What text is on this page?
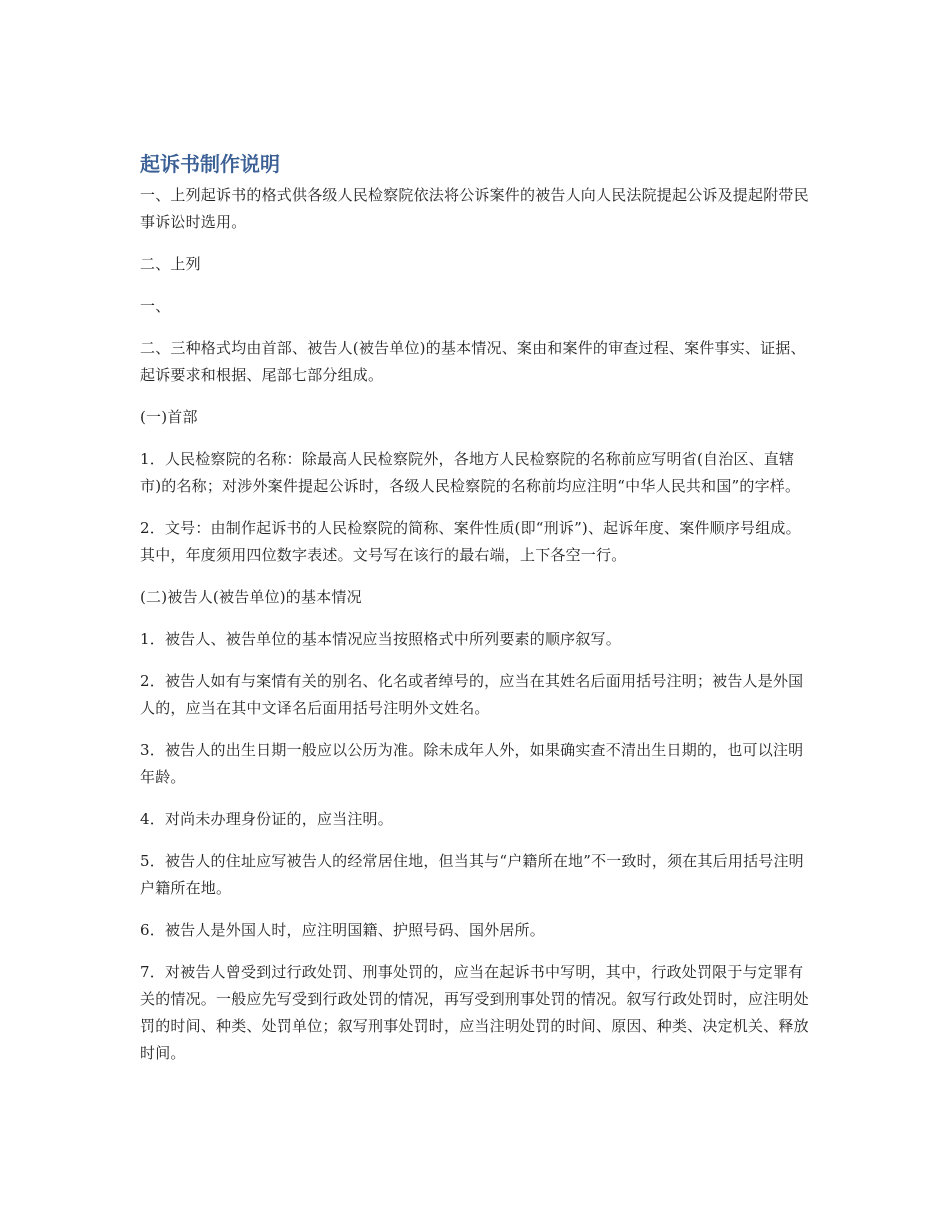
起诉书制作说明

一、上列起诉书的格式供各级人民检察院依法将公诉案件的被告人向人民法院提起公诉及提起附带民事诉讼时选用。

二、上列

一、

二、三种格式均由首部、被告人(被告单位)的基本情况、案由和案件的审查过程、案件事实、证据、起诉要求和根据、尾部七部分组成。

(一)首部

1．人民检察院的名称：除最高人民检察院外，各地方人民检察院的名称前应写明省(自治区、直辖市)的名称；对涉外案件提起公诉时，各级人民检察院的名称前均应注明“中华人民共和国”的字样。

2．文号：由制作起诉书的人民检察院的简称、案件性质(即“刑诉”)、起诉年度、案件顺序号组成。其中，年度须用四位数字表述。文号写在该行的最右端，上下各空一行。

(二)被告人(被告单位)的基本情况

1．被告人、被告单位的基本情况应当按照格式中所列要素的顺序叙写。

2．被告人如有与案情有关的别名、化名或者绰号的，应当在其姓名后面用括号注明；被告人是外国人的，应当在其中文译名后面用括号注明外文姓名。

3．被告人的出生日期一般应以公历为准。除未成年人外，如果确实查不清出生日期的，也可以注明年龄。

4．对尚未办理身份证的，应当注明。

5．被告人的住址应写被告人的经常居住地，但当其与“户籍所在地”不一致时，须在其后用括号注明户籍所在地。

6．被告人是外国人时，应注明国籍、护照号码、国外居所。

7．对被告人曾受到过行政处罚、刑事处罚的，应当在起诉书中写明，其中，行政处罚限于与定罪有关的情况。一般应先写受到行政处罚的情况，再写受到刑事处罚的情况。叙写行政处罚时，应注明处罚的时间、种类、处罚单位；叙写刑事处罚时，应当注明处罚的时间、原因、种类、决定机关、释放时间。
